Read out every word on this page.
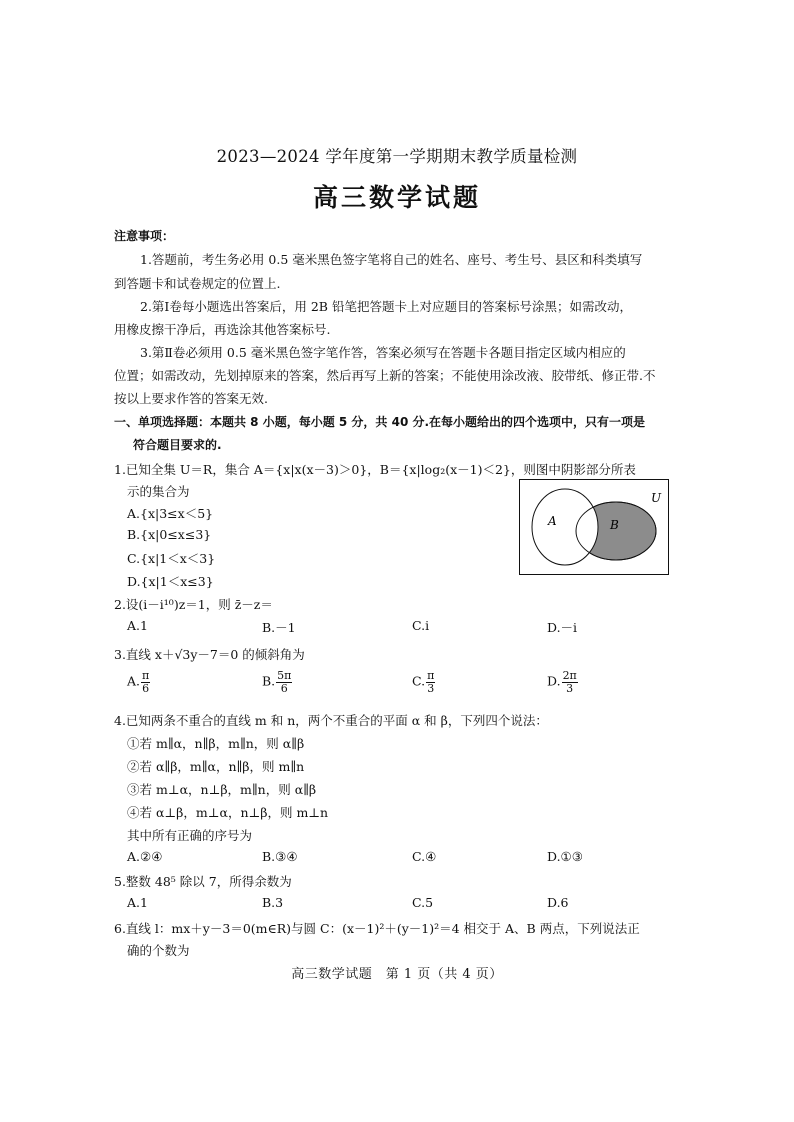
2023—2024 学年度第一学期期末教学质量检测
高三数学试题
注意事项：
1.答题前，考生务必用 0.5 毫米黑色签字笔将自己的姓名、座号、考生号、县区和科类填写
到答题卡和试卷规定的位置上.
2.第Ⅰ卷每小题选出答案后，用 2B 铅笔把答题卡上对应题目的答案标号涂黑；如需改动，
用橡皮擦干净后，再选涂其他答案标号.
3.第Ⅱ卷必须用 0.5 毫米黑色签字笔作答，答案必须写在答题卡各题目指定区域内相应的
位置；如需改动，先划掉原来的答案，然后再写上新的答案；不能使用涂改液、胶带纸、修正带.不
按以上要求作答的答案无效.
一、单项选择题：本题共 8 小题，每小题 5 分，共 40 分.在每小题给出的四个选项中，只有一项是
符合题目要求的.
1.已知全集 U＝R，集合 A＝{x|x(x－3)＞0}，B＝{x|log₂(x－1)＜2}，则图中阴影部分所表
示的集合为
A.{x|3≤x＜5}
B.{x|0≤x≤3}
C.{x|1＜x＜3}
D.{x|1＜x≤3}
A	B
U
2.设(i－i¹⁰)z＝1，则 z̄－z＝
A.1	B.－1	C.i	D.－i
3.直线 x＋√3y－7＝0 的倾斜角为
A. $\frac{\pi}{6}$	B. $\frac{5\pi}{6}$	C. $\frac{\pi}{3}$	D. $\frac{2\pi}{3}$
4.已知两条不重合的直线 m 和 n，两个不重合的平面 α 和 β，下列四个说法：
①若 m∥α，n∥β，m∥n，则 α∥β
②若 α∥β，m∥α，n∥β，则 m∥n
③若 m⊥α，n⊥β，m∥n，则 α∥β
④若 α⊥β，m⊥α，n⊥β，则 m⊥n
其中所有正确的序号为
A.②④	B.③④	C.④	D.①③
5.整数 48⁵ 除以 7，所得余数为
A.1	B.3	C.5	D.6
6.直线 l：mx＋y－3＝0(m∈R)与圆 C：(x－1)²＋(y－1)²＝4 相交于 A、B 两点，下列说法正
确的个数为
高三数学试题　第 1 页（共 4 页）
